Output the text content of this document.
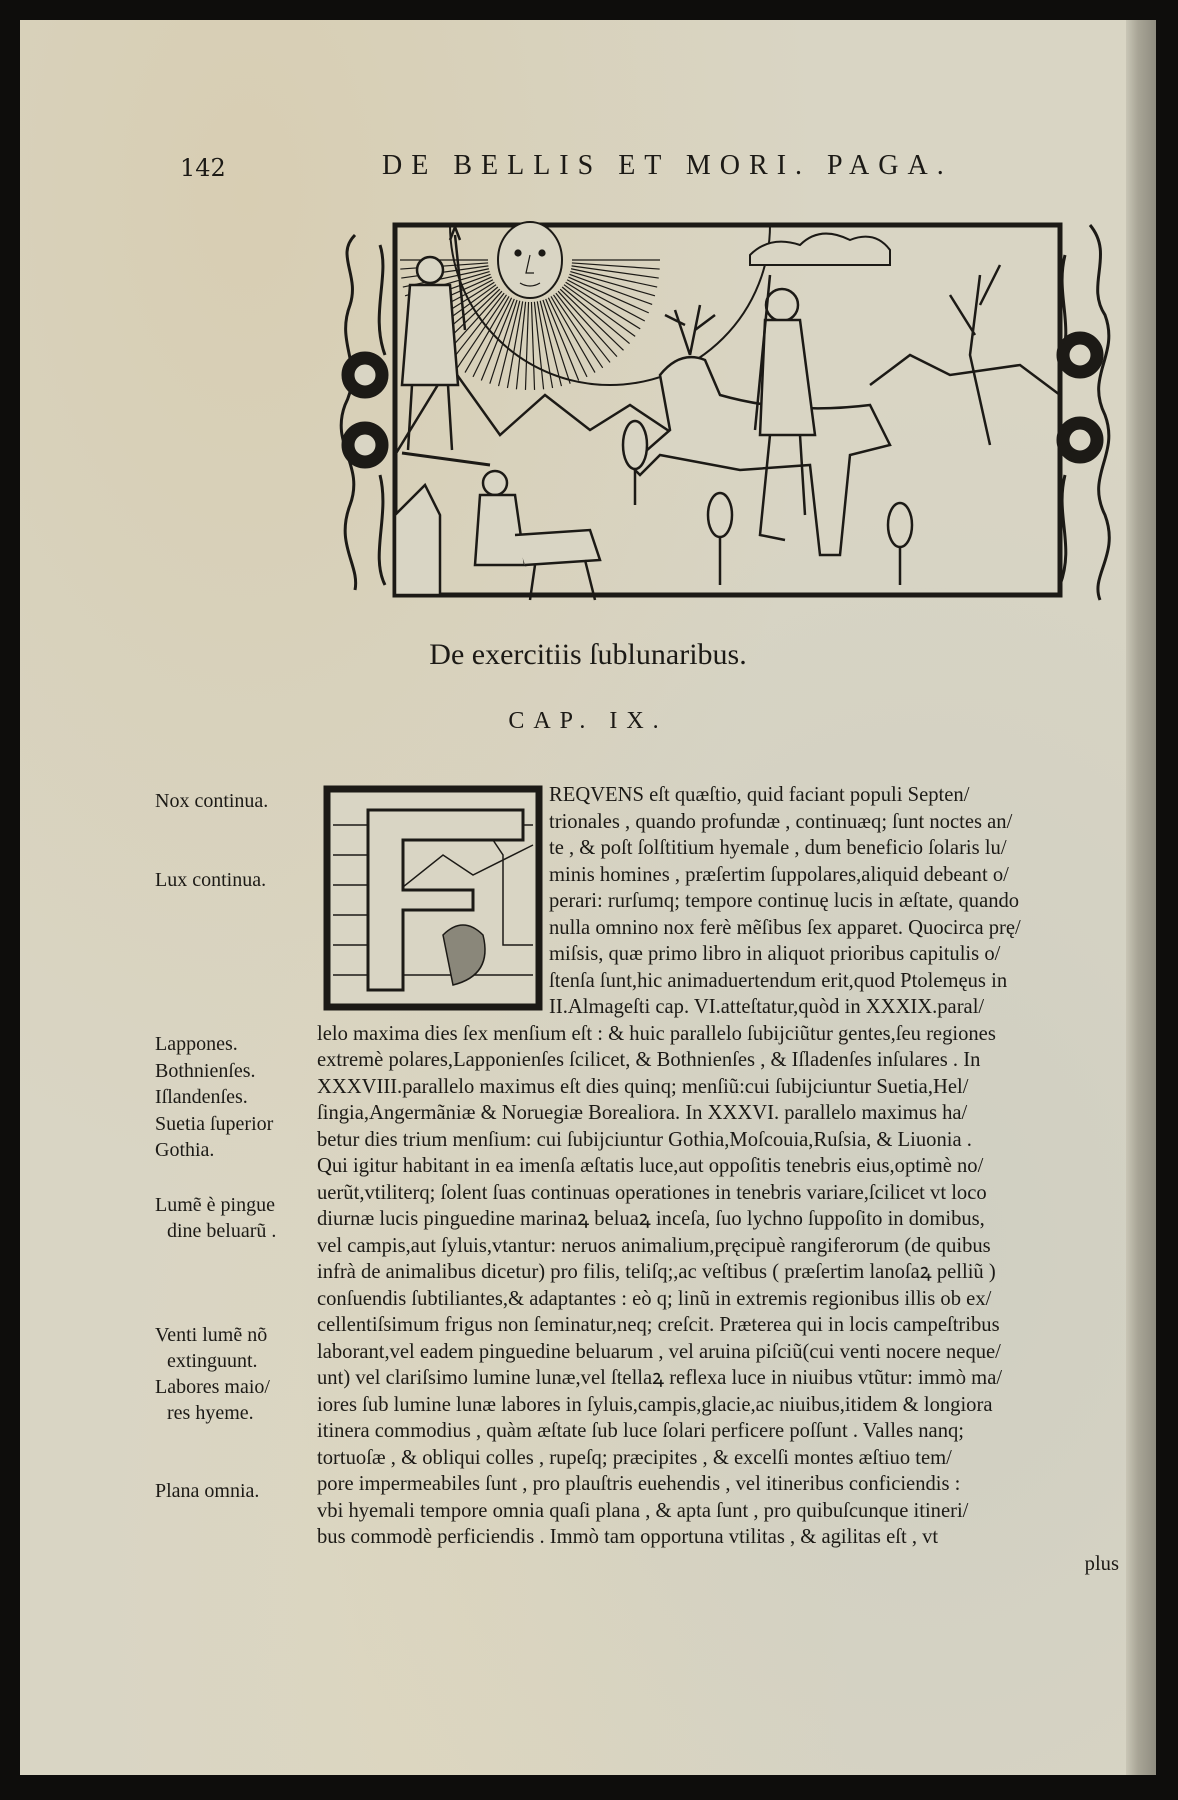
142	DE BELLIS ET MORI. PAGA.
De exercitiis ſublunaribus.
CAP. IX.
REQVENS eſt quæſtio, quid faciant populi Septen/
trionales , quando profundæ , continuæq; ſunt noctes an/
te , & poſt ſolſtitium hyemale , dum beneficio ſolaris lu/
minis homines , præſertim ſuppolares,aliquid debeant o/
perari: rurſumq; tempore continuę lucis in æſtate, quando
nulla omnino nox ferè mẽſibus ſex apparet. Quocirca prę/
miſsis, quæ primo libro in aliquot prioribus capitulis o/
ſtenſa ſunt,hic animaduertendum erit,quod Ptolemęus in
II.Almageſti cap. VI.atteſtatur,quòd in XXXIX.paral/
lelo maxima dies ſex menſium eſt : & huic parallelo ſubijciũtur gentes,ſeu regiones
extremè polares,Lapponienſes ſcilicet, & Bothnienſes , & Iſladenſes inſulares . In
XXXVIII.parallelo maximus eſt dies quinq; menſiũ:cui ſubijciuntur Suetia,Hel/
ſingia,Angermãniæ & Noruegiæ Borealiora. In XXXVI. parallelo maximus ha/
betur dies trium menſium: cui ſubijciuntur Gothia,Moſcouia,Ruſsia, & Liuonia .
Qui igitur habitant in ea imenſa æſtatis luce,aut oppoſitis tenebris eius,optimè no/
uerũt,vtiliterq; ſolent ſuas continuas operationes in tenebris variare,ſcilicet vt loco
diurnæ lucis pinguedine marinaꝝ beluaꝝ inceſa, ſuo lychno ſuppoſito in domibus,
vel campis,aut ſyluis,vtantur: neruos animalium,pręcipuè rangiferorum (de quibus
infrà de animalibus dicetur) pro filis, teliſq;,ac veſtibus ( præſertim lanoſaꝝ pelliũ )
conſuendis ſubtiliantes,& adaptantes : eò q; linũ in extremis regionibus illis ob ex/
cellentiſsimum frigus non ſeminatur,neq; creſcit. Præterea qui in locis campeſtribus
laborant,vel eadem pinguedine beluarum , vel aruina piſciũ(cui venti nocere neque/
unt) vel clariſsimo lumine lunæ,vel ſtellaꝝ reflexa luce in niuibus vtũtur: immò ma/
iores ſub lumine lunæ labores in ſyluis,campis,glacie,ac niuibus,itidem & longiora
itinera commodius , quàm æſtate ſub luce ſolari perficere poſſunt . Valles nanq;
tortuoſæ , & obliqui colles , rupeſq; præcipites , & excelſi montes æſtiuo tem/
pore impermeabiles ſunt , pro plauſtris euehendis , vel itineribus conficiendis :
vbi hyemali tempore omnia quaſi plana , & apta ſunt , pro quibuſcunque itineri/
bus commodè perficiendis . Immò tam opportuna vtilitas , & agilitas eſt , vt
plus
Nox continua.
Lux continua.
Lappones.
Bothnienſes.
Iſlandenſes.
Suetia ſuperior
Gothia.
Lumẽ è pingue
dine beluarũ .
Venti lumẽ nõ
extinguunt.
Labores maio/
res hyeme.
Plana omnia.
